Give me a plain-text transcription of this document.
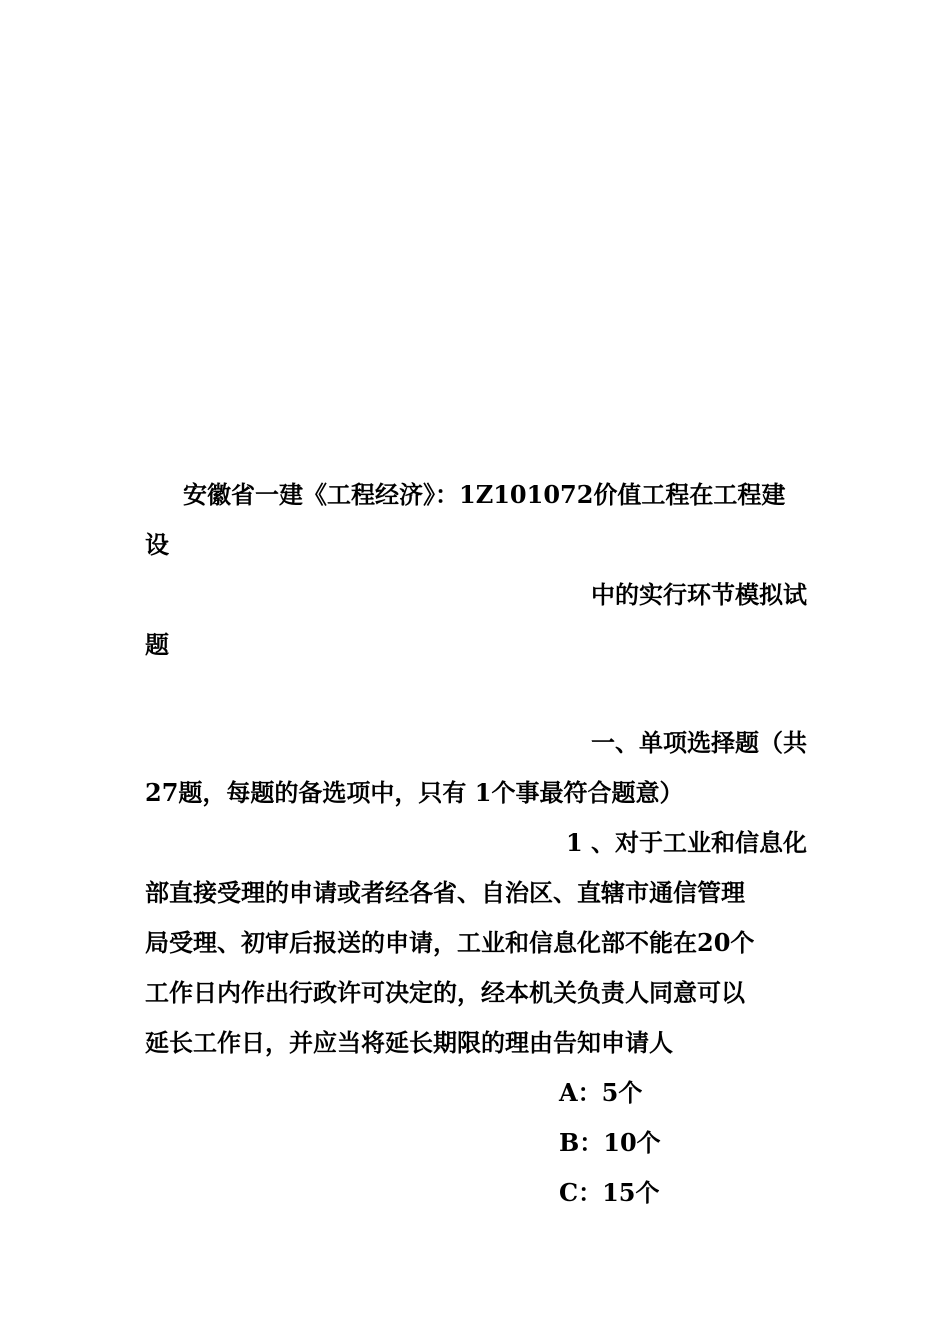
安徽省一建《工程经济》：1Z101072价值工程在工程建
设
中的实行环节模拟试
题
一、单项选择题（共
27题，每题的备选项中，只有 1个事最符合题意）
1 、对于工业和信息化
部直接受理的申请或者经各省、自治区、直辖市通信管理
局受理、初审后报送的申请，工业和信息化部不能在20个
工作日内作出行政许可决定的，经本机关负责人同意可以
延长工作日，并应当将延长期限的理由告知申请人
A：5个
B：10个
C：15个
